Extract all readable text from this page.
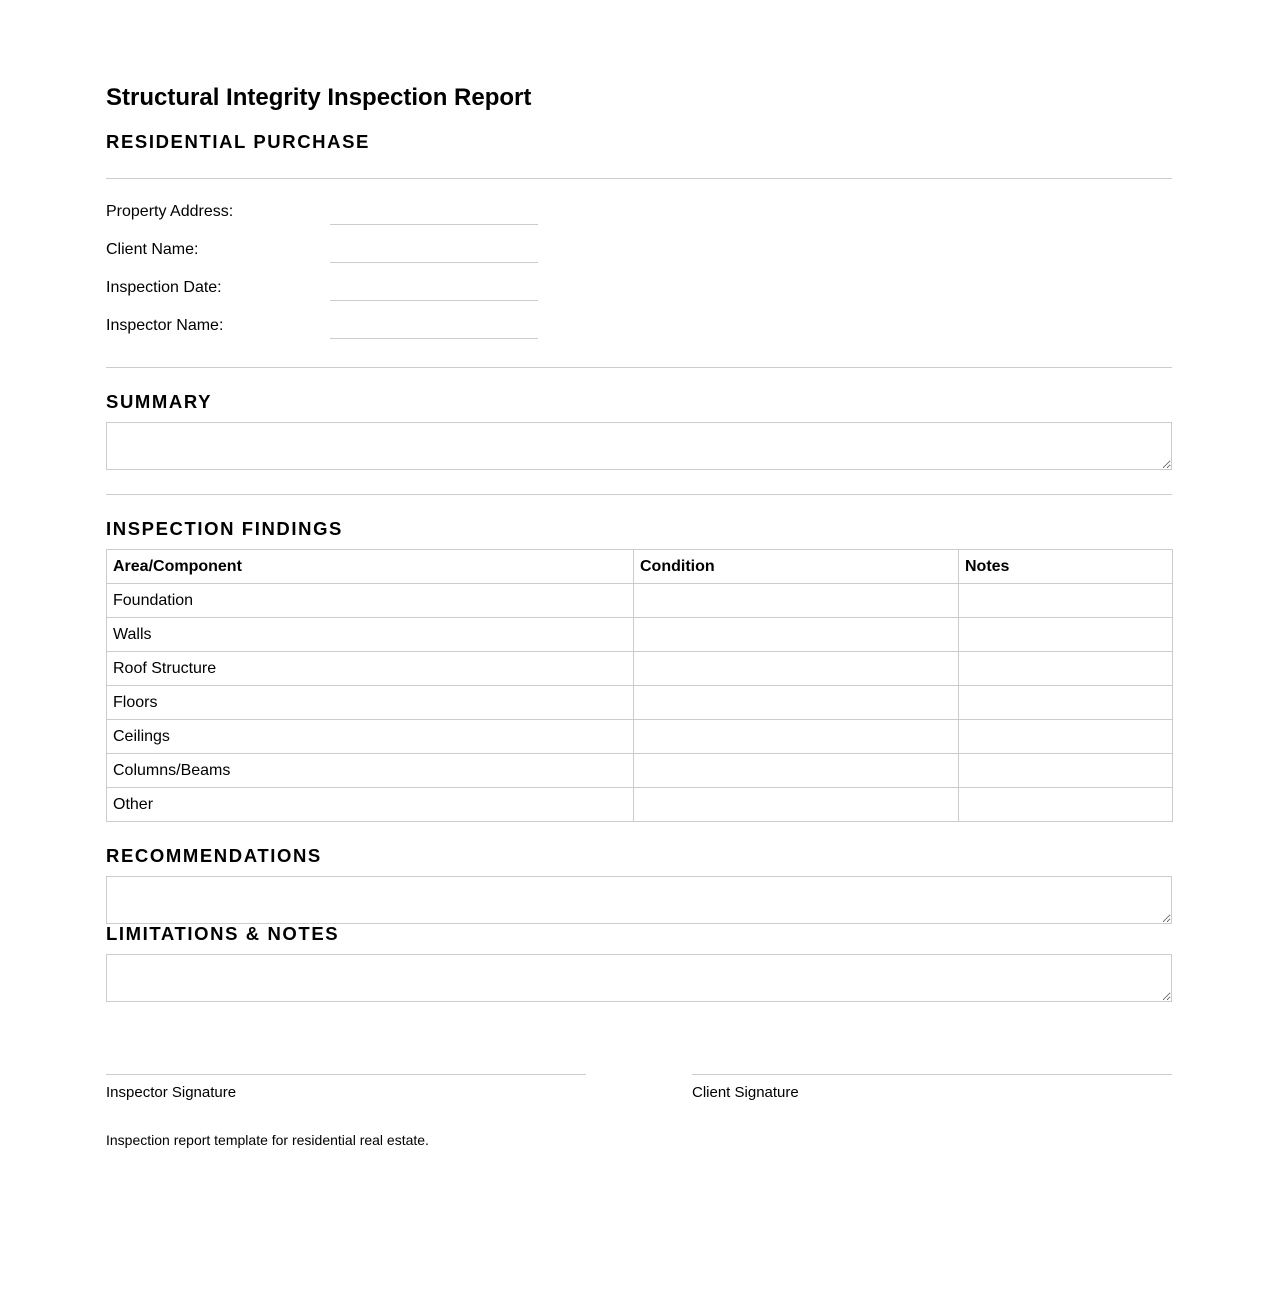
Structural Integrity Inspection Report
RESIDENTIAL PURCHASE
Property Address:
Client Name:
Inspection Date:
Inspector Name:
SUMMARY
INSPECTION FINDINGS
Area/Component	Condition	Notes
Foundation		
Walls		
Roof Structure		
Floors		
Ceilings		
Columns/Beams		
Other		
RECOMMENDATIONS
LIMITATIONS & NOTES
Inspector Signature	Client Signature
Inspection report template for residential real estate.
